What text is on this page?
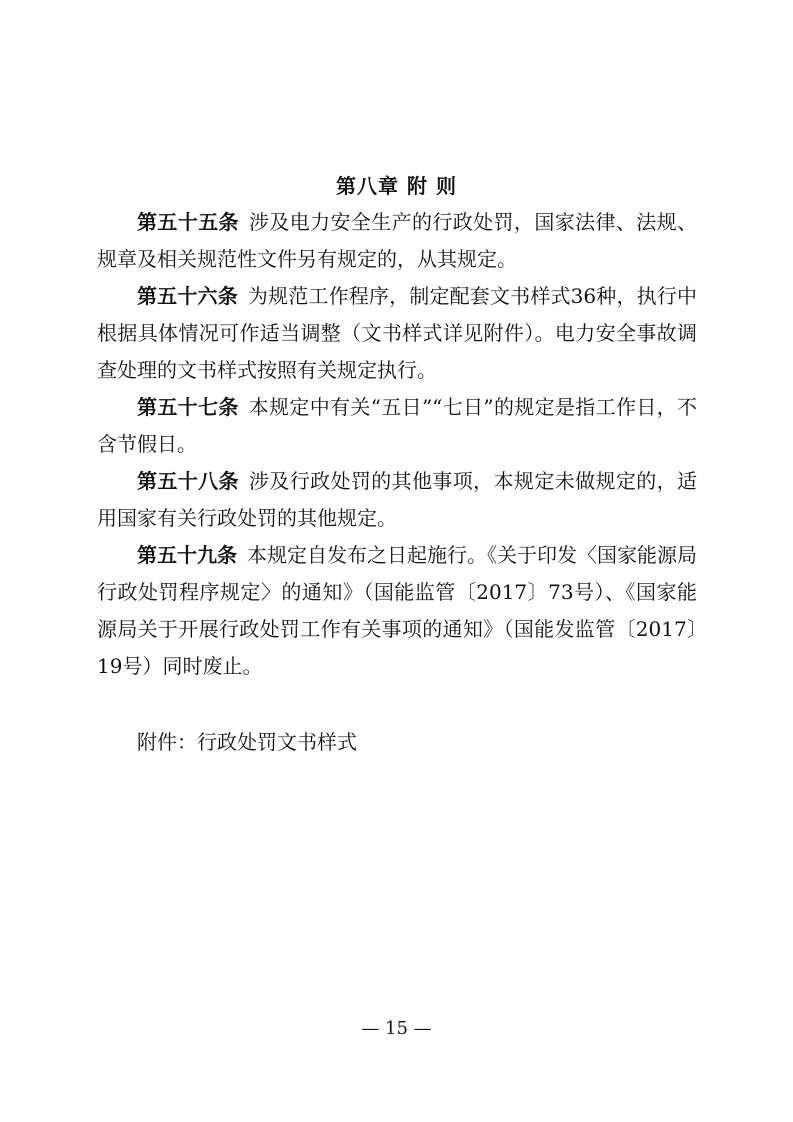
第八章 附 则

第五十五条 涉及电力安全生产的行政处罚，国家法律、法规、规章及相关规范性文件另有规定的，从其规定。

第五十六条 为规范工作程序，制定配套文书样式36种，执行中根据具体情况可作适当调整（文书样式详见附件）。电力安全事故调查处理的文书样式按照有关规定执行。

第五十七条 本规定中有关“五日”“七日”的规定是指工作日，不含节假日。

第五十八条 涉及行政处罚的其他事项，本规定未做规定的，适用国家有关行政处罚的其他规定。

第五十九条 本规定自发布之日起施行。《关于印发〈国家能源局行政处罚程序规定〉的通知》（国能监管〔2017〕73号）、《国家能源局关于开展行政处罚工作有关事项的通知》（国能发监管〔2017〕19号）同时废止。

附件：行政处罚文书样式
— 15 —
